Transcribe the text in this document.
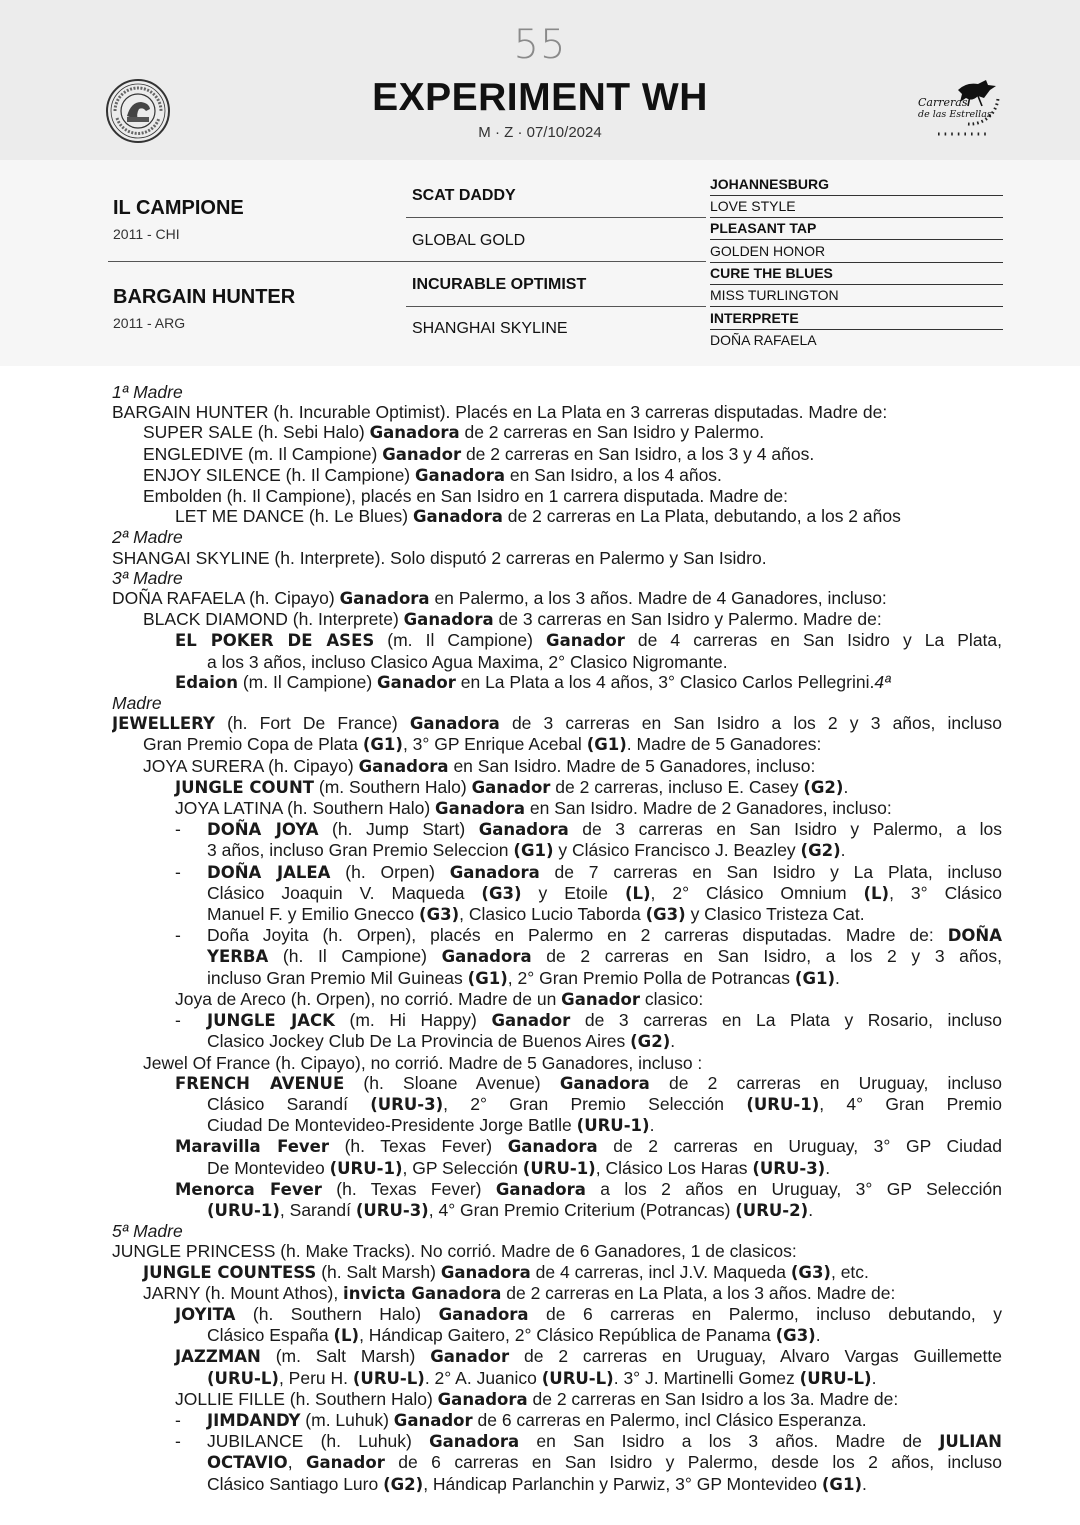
55
EXPERIMENT WH
M · Z · 07/10/2024
Carreras
de las Estrellas
IL CAMPIONE
2011 - CHI
BARGAIN HUNTER
2011 - ARG
SCAT DADDY
GLOBAL GOLD
INCURABLE OPTIMIST
SHANGHAI SKYLINE
JOHANNESBURG
LOVE STYLE
PLEASANT TAP
GOLDEN HONOR
CURE THE BLUES
MISS TURLINGTON
INTERPRETE
DOÑA RAFAELA
1ª Madre
BARGAIN HUNTER (h. Incurable Optimist). Placés en La Plata en 3 carreras disputadas. Madre de:
SUPER SALE (h. Sebi Halo) Ganadora de 2 carreras en San Isidro y Palermo.
ENGLEDIVE (m. Il Campione) Ganador de 2 carreras en San Isidro, a los 3 y 4 años.
ENJOY SILENCE (h. Il Campione) Ganadora en San Isidro, a los 4 años.
Embolden (h. Il Campione), placés en San Isidro en 1 carrera disputada. Madre de:
LET ME DANCE (h. Le Blues) Ganadora de 2 carreras en La Plata, debutando, a los 2 años
2ª Madre
SHANGAI SKYLINE (h. Interprete). Solo disputó 2 carreras en Palermo y San Isidro.
3ª Madre
DOÑA RAFAELA (h. Cipayo) Ganadora en Palermo, a los 3 años. Madre de 4 Ganadores, incluso:
BLACK DIAMOND (h. Interprete) Ganadora de 3 carreras en San Isidro y Palermo. Madre de:
EL POKER DE ASES (m. Il Campione) Ganador de 4 carreras en San Isidro y La Plata,
a los 3 años, incluso Clasico Agua Maxima, 2° Clasico Nigromante.
Edaion (m. Il Campione) Ganador en La Plata a los 4 años, 3° Clasico Carlos Pellegrini.4ª
Madre
JEWELLERY (h. Fort De France) Ganadora de 3 carreras en San Isidro a los 2 y 3 años, incluso
Gran Premio Copa de Plata (G1), 3° GP Enrique Acebal (G1). Madre de 5 Ganadores:
JOYA SURERA (h. Cipayo) Ganadora en San Isidro. Madre de 5 Ganadores, incluso:
JUNGLE COUNT (m. Southern Halo) Ganador de 2 carreras, incluso E. Casey (G2).
JOYA LATINA (h. Southern Halo) Ganadora en San Isidro. Madre de 2 Ganadores, incluso:
- DOÑA JOYA (h. Jump Start) Ganadora de 3 carreras en San Isidro y Palermo, a los
3 años, incluso Gran Premio Seleccion (G1) y Clásico Francisco J. Beazley (G2).
- DOÑA JALEA (h. Orpen) Ganadora de 7 carreras en San Isidro y La Plata, incluso
Clásico Joaquin V. Maqueda (G3) y Etoile (L), 2° Clásico Omnium (L), 3° Clásico
Manuel F. y Emilio Gnecco (G3), Clasico Lucio Taborda (G3) y Clasico Tristeza Cat.
- Doña Joyita (h. Orpen), placés en Palermo en 2 carreras disputadas. Madre de: DOÑA
YERBA (h. Il Campione) Ganadora de 2 carreras en San Isidro, a los 2 y 3 años,
incluso Gran Premio Mil Guineas (G1), 2° Gran Premio Polla de Potrancas (G1).
Joya de Areco (h. Orpen), no corrió. Madre de un Ganador clasico:
- JUNGLE JACK (m. Hi Happy) Ganador de 3 carreras en La Plata y Rosario, incluso
Clasico Jockey Club De La Provincia de Buenos Aires (G2).
Jewel Of France (h. Cipayo), no corrió. Madre de 5 Ganadores, incluso :
FRENCH AVENUE (h. Sloane Avenue) Ganadora de 2 carreras en Uruguay, incluso
Clásico Sarandí (URU-3), 2° Gran Premio Selección (URU-1), 4° Gran Premio
Ciudad De Montevideo-Presidente Jorge Batlle (URU-1).
Maravilla Fever (h. Texas Fever) Ganadora de 2 carreras en Uruguay, 3° GP Ciudad
De Montevideo (URU-1), GP Selección (URU-1), Clásico Los Haras (URU-3).
Menorca Fever (h. Texas Fever) Ganadora a los 2 años en Uruguay, 3° GP Selección
(URU-1), Sarandí (URU-3), 4° Gran Premio Criterium (Potrancas) (URU-2).
5ª Madre
JUNGLE PRINCESS (h. Make Tracks). No corrió. Madre de 6 Ganadores, 1 de clasicos:
JUNGLE COUNTESS (h. Salt Marsh) Ganadora de 4 carreras, incl J.V. Maqueda (G3), etc.
JARNY (h. Mount Athos), invicta Ganadora de 2 carreras en La Plata, a los 3 años. Madre de:
JOYITA (h. Southern Halo) Ganadora de 6 carreras en Palermo, incluso debutando, y
Clásico España (L), Hándicap Gaitero, 2° Clásico República de Panama (G3).
JAZZMAN (m. Salt Marsh) Ganador de 2 carreras en Uruguay, Alvaro Vargas Guillemette
(URU-L), Peru H. (URU-L). 2° A. Juanico (URU-L). 3° J. Martinelli Gomez (URU-L).
JOLLIE FILLE (h. Southern Halo) Ganadora de 2 carreras en San Isidro a los 3a. Madre de:
- JIMDANDY (m. Luhuk) Ganador de 6 carreras en Palermo, incl Clásico Esperanza.
- JUBILANCE (h. Luhuk) Ganadora en San Isidro a los 3 años. Madre de JULIAN
OCTAVIO, Ganador de 6 carreras en San Isidro y Palermo, desde los 2 años, incluso
Clásico Santiago Luro (G2), Hándicap Parlanchin y Parwiz, 3° GP Montevideo (G1).
